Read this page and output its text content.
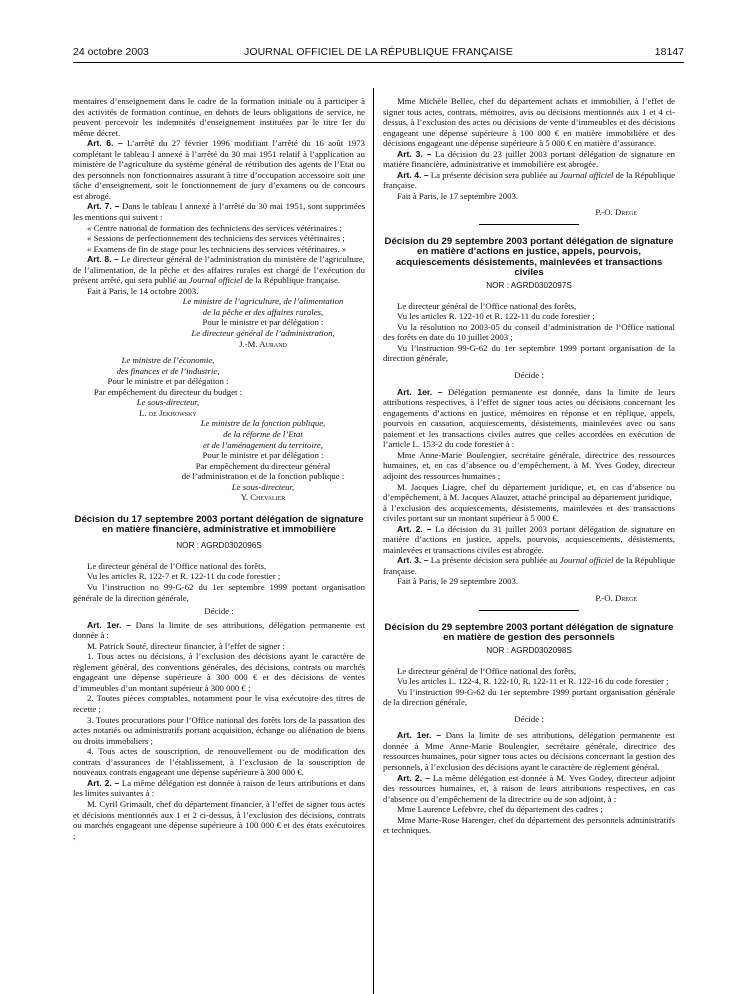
24 octobre 2003	JOURNAL OFFICIEL DE LA RÉPUBLIQUE FRANÇAISE	18147

mentaires d’enseignement dans le cadre de la formation initiale ou à participer à des activités de formation continue, en dehors de leurs obligations de service, ne peuvent percevoir les indemnités d’enseignement instituées par le titre Ier du même décret.

Art. 6. – L’arrêté du 27 février 1996 modifiant l’arrêté du 16 août 1973 complétant le tableau I annexé à l’arrêté du 30 mai 1951 relatif à l’application au ministère de l’agriculture du système général de rétribution des agents de l’Etat ou des personnels non fonctionnaires assurant à titre d’occupation accessoire soit une tâche d’enseignement, soit le fonctionnement de jury d’examens ou de concours est abrogé.

Art. 7. – Dans le tableau I annexé à l’arrêté du 30 mai 1951, sont supprimées les mentions qui suivent :

« Centre national de formation des techniciens des services vétérinaires ;

« Sessions de perfectionnement des techniciens des services vétérinaires ;

« Examens de fin de stage pour les techniciens des services vétérinaires. »

Art. 8. – Le directeur général de l’administration du ministère de l’agriculture, de l’alimentation, de la pêche et des affaires rurales est chargé de l’exécution du présent arrêté, qui sera publié au Journal officiel de la République française.

Fait à Paris, le 14 octobre 2003.

Le ministre de l’agriculture, de l’alimentation

de la pêche et des affaires rurales,

Pour le ministre et par délégation :

Le directeur général de l’administration,

J.-M. Aurand

Le ministre de l’économie,

des finances et de l’industrie,

Pour le ministre et par délégation :

Par empêchement du directeur du budget :

Le sous-directeur,

L. de Jekhowsky

Le ministre de la fonction publique,

de la réforme de l’Etat

et de l’aménagement du territoire,

Pour le ministre et par délégation :

Par empêchement du directeur général

de l’administration et de la fonction publique :

Le sous-directeur,

Y. Chevalier

Décision du 17 septembre 2003 portant délégation de signature en matière financière, administrative et immobilière

NOR : AGRD0302096S

Le directeur général de l’Office national des forêts,

Vu les articles R. 122-7 et R. 122-11 du code forestier ;

Vu l’instruction no 99-G-62 du 1er septembre 1999 portant organisation générale de la direction générale,

Décide :

Art. 1er. – Dans la limite de ses attributions, délégation permanente est donnée à :

M. Patrick Souté, directeur financier, à l’effet de signer :

1. Tous actes ou décisions, à l’exclusion des décisions ayant le caractère de règlement général, des conventions générales, des décisions, contrats ou marchés engageant une dépense supérieure à 300 000 € et des décisions de ventes d’immeubles d’un montant supérieur à 300 000 € ;

2. Toutes pièces comptables, notamment pour le visa exécutoire des titres de recette ;

3. Toutes procurations pour l’Office national des forêts lors de la passation des actes notariés ou administratifs portant acquisition, échange ou aliénation de biens ou droits immobiliers ;

4. Tous actes de souscription, de renouvellement ou de modification des contrats d’assurances de l’établissement, à l’exclusion de la souscription de nouveaux contrats engageant une dépense supérieure à 300 000 €.

Art. 2. – La même délégation est donnée à raison de leurs attributions et dans les limites suivantes à :

M. Cyril Grimault, chef du département financier, à l’effet de signer tous actes et décisions mentionnés aux 1 et 2 ci-dessus, à l’exclusion des décisions, contrats ou marchés engageant une dépense supérieure à 100 000 € et des états exécutoires ;

Mme Michèle Bellec, chef du département achats et immobilier, à l’effet de signer tous actes, contrats, mémoires, avis ou décisions mentionnés aux 1 et 4 ci-dessus, à l’exclusion des actes ou décisions de vente d’immeubles et des décisions engageant une dépense supérieure à 100 000 € en matière immobilière et des décisions engageant une dépense supérieure à 5 000 € en matière d’assurance.

Art. 3. – La décision du 23 juillet 2003 portant délégation de signature en matière financière, administrative et immobilière est abrogée.

Art. 4. – La présente décision sera publiée au Journal officiel de la République française.

Fait à Paris, le 17 septembre 2003.

P.-O. Drege

Décision du 29 septembre 2003 portant délégation de signature en matière d’actions en justice, appels, pourvois, acquiescements désistements, mainlevées et transactions civiles

NOR : AGRD0302097S

Le directeur général de l’Office national des forêts,

Vu les articles R. 122-10 et R. 122-11 du code forestier ;

Vu la résolution no 2003-05 du conseil d’administration de l’Office national des forêts en date du 10 juillet 2003 ;

Vu l’instruction 99-G-62 du 1er septembre 1999 portant organisation de la direction générale,

Décide :

Art. 1er. – Délégation permanente est donnée, dans la limite de leurs attributions respectives, à l’effet de signer tous actes ou décisions concernant les engagements d’actions en justice, mémoires en réponse et en réplique, appels, pourvois en cassation, acquiescements, désistements, mainlevées avec ou sans paiement et les transactions civiles autres que celles accordées en exécution de l’article L. 153-2 du code forestier à :

Mme Anne-Marie Boulengier, secrétaire générale, directrice des ressources humaines, et, en cas d’absence ou d’empêchement, à M. Yves Godey, directeur adjoint des ressources humaines ;

M. Jacques Liagre, chef du département juridique, et, en cas d’absence ou d’empêchement, à M. Jacques Alauzet, attaché principal au département juridique,

à l’exclusion des acquiescements, désistements, mainlevées et des transactions civiles portant sur un montant supérieur à 5 000 €.

Art. 2. – La décision du 31 juillet 2003 portant délégation de signature en matière d’actions en justice, appels, pourvois, acquiescements, désistements, mainlevées et transactions civiles est abrogée.

Art. 3. – La présente décision sera publiée au Journal officiel de la République française.

Fait à Paris, le 29 septembre 2003.

P.-O. Drege

Décision du 29 septembre 2003 portant délégation de signature en matière de gestion des personnels

NOR : AGRD0302098S

Le directeur général de l’Office national des forêts,

Vu les articles L. 122-4, R. 122-10, R. 122-11 et R. 122-16 du code forestier ;

Vu l’instruction 99-G-62 du 1er septembre 1999 portant organisation générale de la direction générale,

Décide :

Art. 1er. – Dans la limite de ses attributions, délégation permanente est donnée à Mme Anne-Marie Boulengier, secrétaire générale, directrice des ressources humaines, pour signer tous actes ou décisions concernant la gestion des personnels, à l’exclusion des décisions ayant le caractère de règlement général.

Art. 2. – La même délégation est donnée à M. Yves Godey, directeur adjoint des ressources humaines, et, à raison de leurs attributions respectives, en cas d’absence ou d’empêchement de la directrice ou de son adjoint, à :

Mme Laurence Lefebvre, chef du département des cadres ;

Mme Marie-Rose Harenger, chef du département des personnels administratifs et techniques.
